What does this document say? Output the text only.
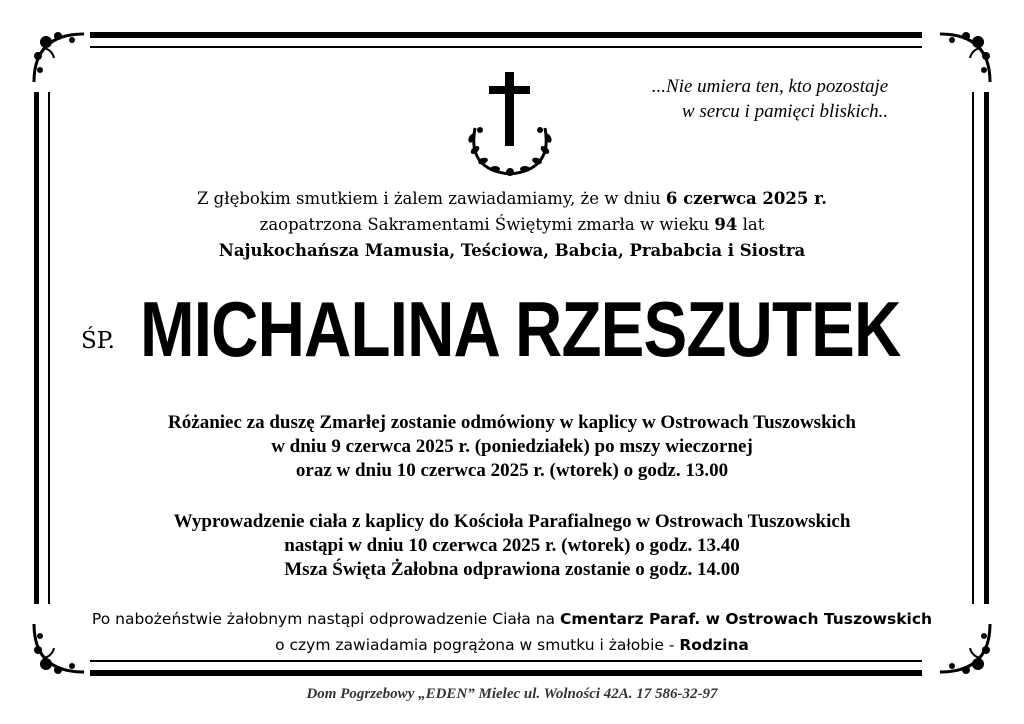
...Nie umiera ten, kto pozostaje
w sercu i pamięci bliskich..
Z głębokim smutkiem i żalem zawiadamiamy, że w dniu 6 czerwca 2025 r.
zaopatrzona Sakramentami Świętymi zmarła w wieku 94 lat
Najukochańsza Mamusia, Teściowa, Babcia, Prababcia i Siostra
ŚP. MICHALINA RZESZUTEK
Różaniec za duszę Zmarłej zostanie odmówiony w kaplicy w Ostrowach Tuszowskich
w dniu 9 czerwca 2025 r. (poniedziałek) po mszy wieczornej
oraz w dniu 10 czerwca 2025 r. (wtorek) o godz. 13.00
Wyprowadzenie ciała z kaplicy do Kościoła Parafialnego w Ostrowach Tuszowskich
nastąpi w dniu 10 czerwca 2025 r. (wtorek) o godz. 13.40
Msza Święta Żałobna odprawiona zostanie o godz. 14.00
Po nabożeństwie żałobnym nastąpi odprowadzenie Ciała na Cmentarz Paraf. w Ostrowach Tuszowskich
o czym zawiadamia pogrążona w smutku i żałobie - Rodzina
Dom Pogrzebowy „EDEN” Mielec ul. Wolności 42A. 17 586-32-97
